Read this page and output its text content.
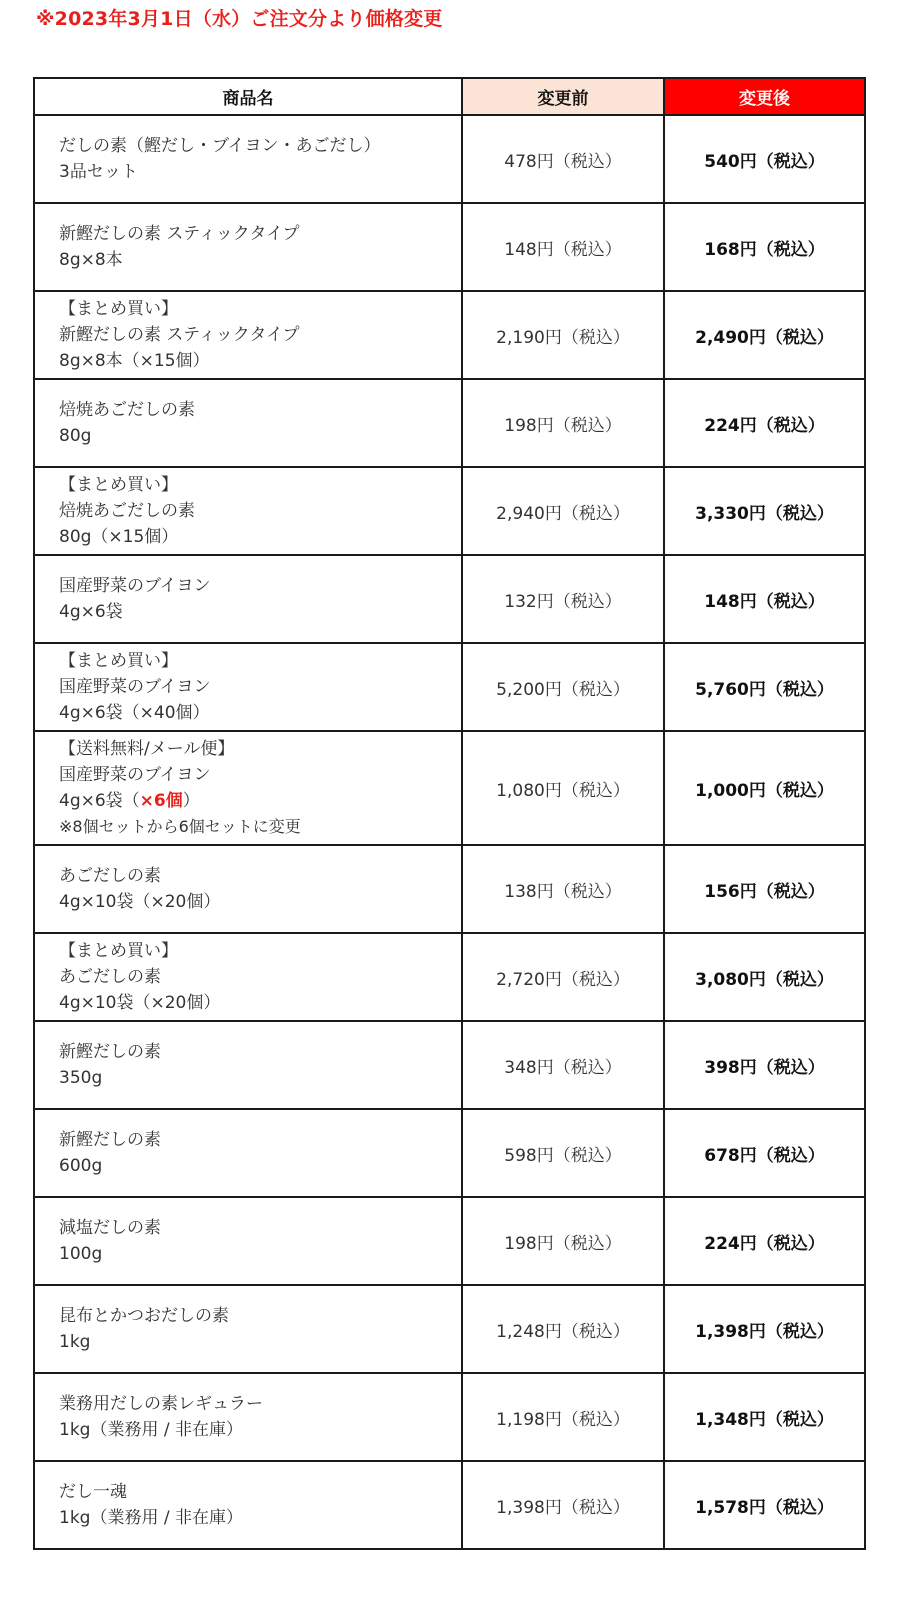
※2023年3月1日（水）ご注文分より価格変更
商品名	変更前	変更後

だしの素（鰹だし・ブイヨン・あごだし）
3品セット	478円（税込）	540円（税込）

新鰹だしの素 スティックタイプ
8g×8本	148円（税込）	168円（税込）

【まとめ買い】
新鰹だしの素 スティックタイプ
8g×8本（×15個）	2,190円（税込）	2,490円（税込）

焙焼あごだしの素
80g	198円（税込）	224円（税込）

【まとめ買い】
焙焼あごだしの素
80g（×15個）	2,940円（税込）	3,330円（税込）

国産野菜のブイヨン
4g×6袋	132円（税込）	148円（税込）

【まとめ買い】
国産野菜のブイヨン
4g×6袋（×40個）	5,200円（税込）	5,760円（税込）

【送料無料/メール便】
国産野菜のブイヨン
4g×6袋（×6個）
※8個セットから6個セットに変更	1,080円（税込）	1,000円（税込）

あごだしの素
4g×10袋（×20個）	138円（税込）	156円（税込）

【まとめ買い】
あごだしの素
4g×10袋（×20個）	2,720円（税込）	3,080円（税込）

新鰹だしの素
350g	348円（税込）	398円（税込）

新鰹だしの素
600g	598円（税込）	678円（税込）

減塩だしの素
100g	198円（税込）	224円（税込）

昆布とかつおだしの素
1kg	1,248円（税込）	1,398円（税込）

業務用だしの素レギュラー
1kg（業務用 / 非在庫）	1,198円（税込）	1,348円（税込）

だし一魂
1kg（業務用 / 非在庫）	1,398円（税込）	1,578円（税込）
